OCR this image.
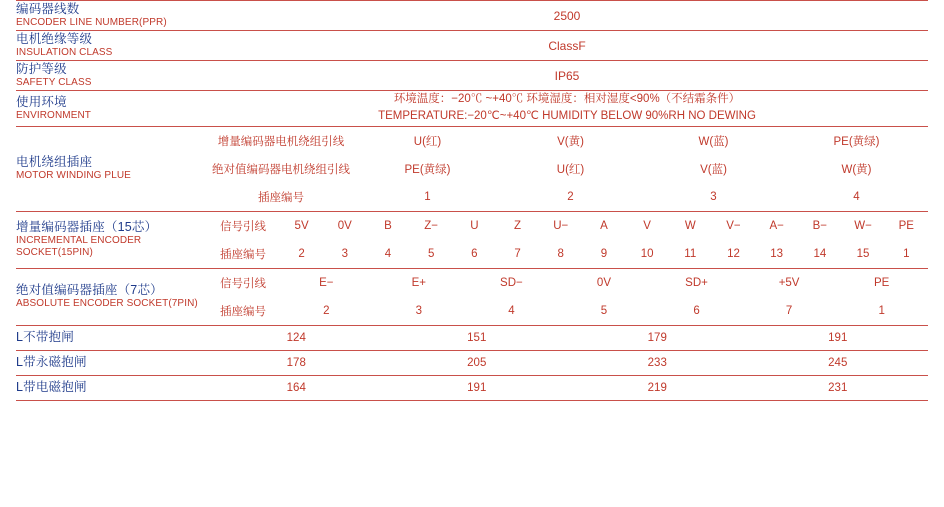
编码器线数
ENCODER LINE NUMBER(PPR)	2500

电机绝缘等级
INSULATION CLASS	ClassF

防护等级
SAFETY CLASS	IP65

使用环境
ENVIRONMENT

环境温度：−20℃ ~+40℃ 环境湿度：相对湿度<90%（不结霜条件）
TEMPERATURE:−20℃~+40℃ HUMIDITY BELOW 90%RH NO DEWING

电机绕组插座
MOTOR WINDING PLUE

增量编码器电机绕组引线	U(红)	V(黄)	W(蓝)	PE(黄绿)
绝对值编码器电机绕组引线	PE(黄绿)	U(红)	V(蓝)	W(黄)
插座编号	1	2	3	4

增量编码器插座（15芯）
INCREMENTAL ENCODER
SOCKET(15PIN)

信号引线	5V	0V	B	Z−	U	Z	U−	A	V	W	V−	A−	B−	W−	PE
插座编号	2	3	4	5	6	7	8	9	10	11	12	13	14	15	1

绝对值编码器插座（7芯）
ABSOLUTE ENCODER SOCKET(7PIN)

信号引线	E−	E+	SD−	0V	SD+	+5V	PE
插座编号	2	3	4	5	6	7	1

L不带抱闸
		124	151	179	191

L带永磁抱闸
		178	205	233	245

L带电磁抱闸
		164	191	219	231
